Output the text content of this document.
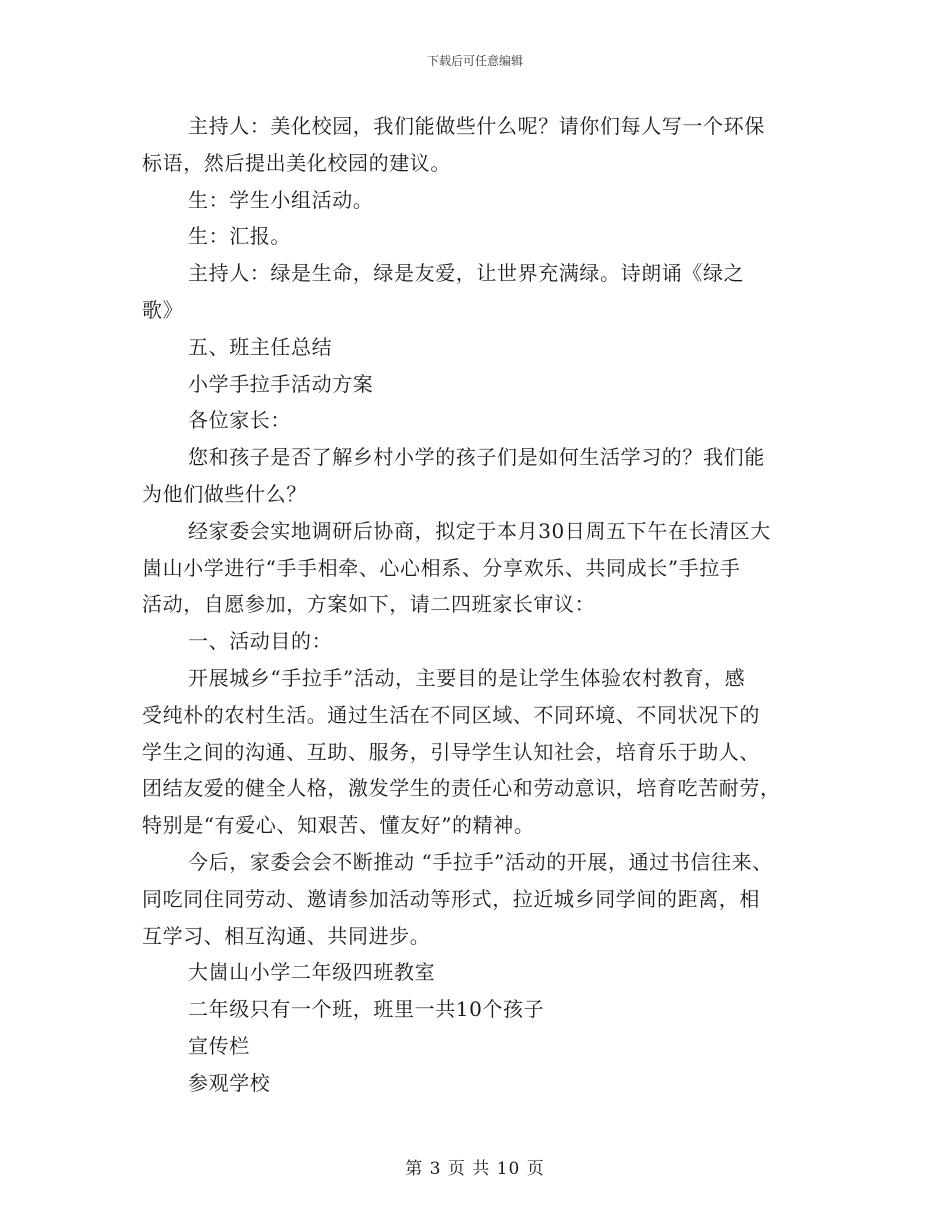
下载后可任意编辑
主持人：美化校园，我们能做些什么呢？请你们每人写一个环保
标语，然后提出美化校园的建议。
生：学生小组活动。
生：汇报。
主持人：绿是生命，绿是友爱，让世界充满绿。诗朗诵《绿之
歌》
五、班主任总结
小学手拉手活动方案
各位家长：
您和孩子是否了解乡村小学的孩子们是如何生活学习的？我们能
为他们做些什么？
经家委会实地调研后协商，拟定于本月30日周五下午在长清区大
崮山小学进行“手手相牵、心心相系、分享欢乐、共同成长”手拉手
活动，自愿参加，方案如下，请二四班家长审议：
一、活动目的：
开展城乡“手拉手”活动，主要目的是让学生体验农村教育，感
受纯朴的农村生活。通过生活在不同区域、不同环境、不同状况下的
学生之间的沟通、互助、服务，引导学生认知社会，培育乐于助人、
团结友爱的健全人格，激发学生的责任心和劳动意识，培育吃苦耐劳，
特别是“有爱心、知艰苦、懂友好”的精神。
今后，家委会会不断推动 “手拉手”活动的开展，通过书信往来、
同吃同住同劳动、邀请参加活动等形式，拉近城乡同学间的距离，相
互学习、相互沟通、共同进步。
大崮山小学二年级四班教室
二年级只有一个班，班里一共10个孩子
宣传栏
参观学校
第 3 页 共 10 页
